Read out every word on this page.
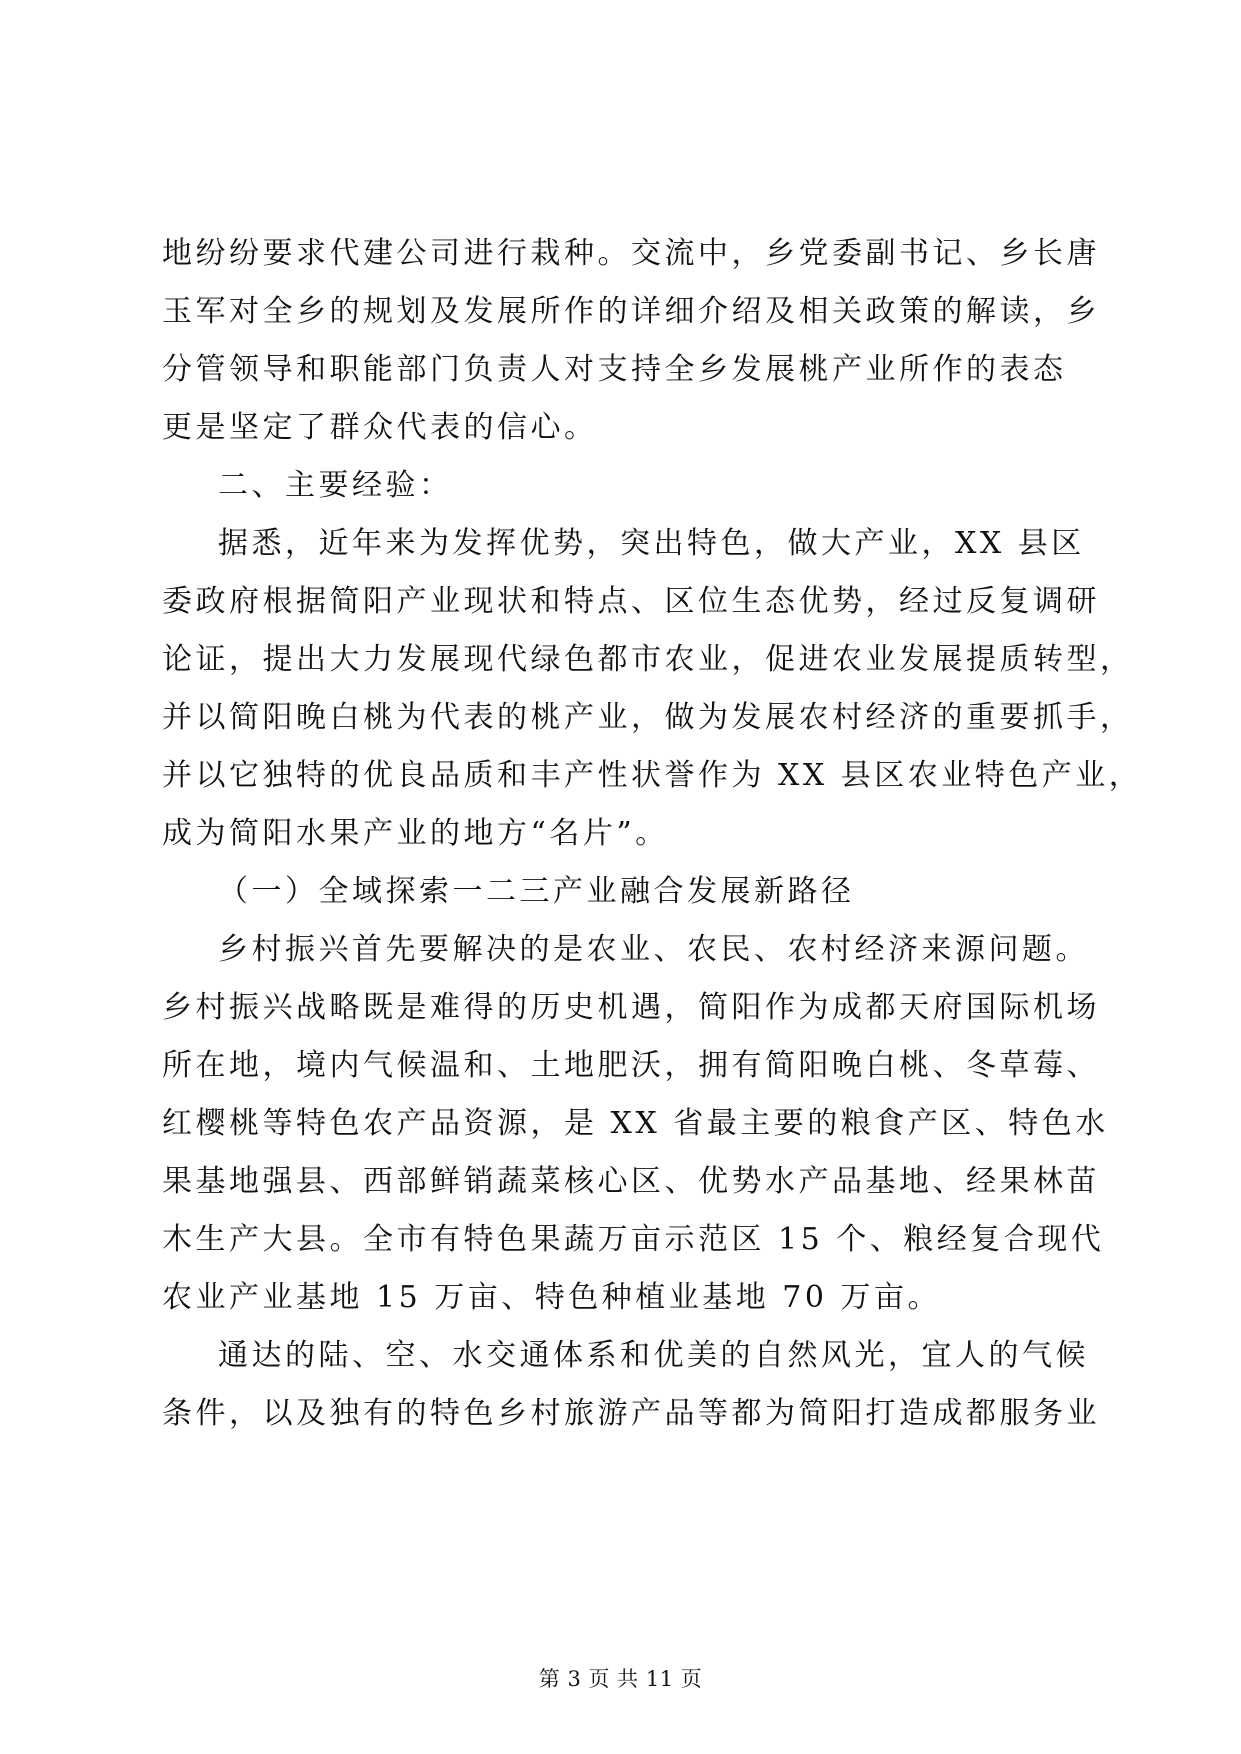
地纷纷要求代建公司进行栽种。交流中，乡党委副书记、乡长唐
玉军对全乡的规划及发展所作的详细介绍及相关政策的解读，乡
分管领导和职能部门负责人对支持全乡发展桃产业所作的表态
更是坚定了群众代表的信心。
二、主要经验：
据悉，近年来为发挥优势，突出特色，做大产业，XX 县区
委政府根据简阳产业现状和特点、区位生态优势，经过反复调研
论证，提出大力发展现代绿色都市农业，促进农业发展提质转型，
并以简阳晚白桃为代表的桃产业，做为发展农村经济的重要抓手，
并以它独特的优良品质和丰产性状誉作为 XX 县区农业特色产业，
成为简阳水果产业的地方“名片”。
（一）全域探索一二三产业融合发展新路径
乡村振兴首先要解决的是农业、农民、农村经济来源问题。
乡村振兴战略既是难得的历史机遇，简阳作为成都天府国际机场
所在地，境内气候温和、土地肥沃，拥有简阳晚白桃、冬草莓、
红樱桃等特色农产品资源，是 XX 省最主要的粮食产区、特色水
果基地强县、西部鲜销蔬菜核心区、优势水产品基地、经果林苗
木生产大县。全市有特色果蔬万亩示范区 15 个、粮经复合现代
农业产业基地 15 万亩、特色种植业基地 70 万亩。
通达的陆、空、水交通体系和优美的自然风光，宜人的气候
条件，以及独有的特色乡村旅游产品等都为简阳打造成都服务业
第 3 页 共 11 页
